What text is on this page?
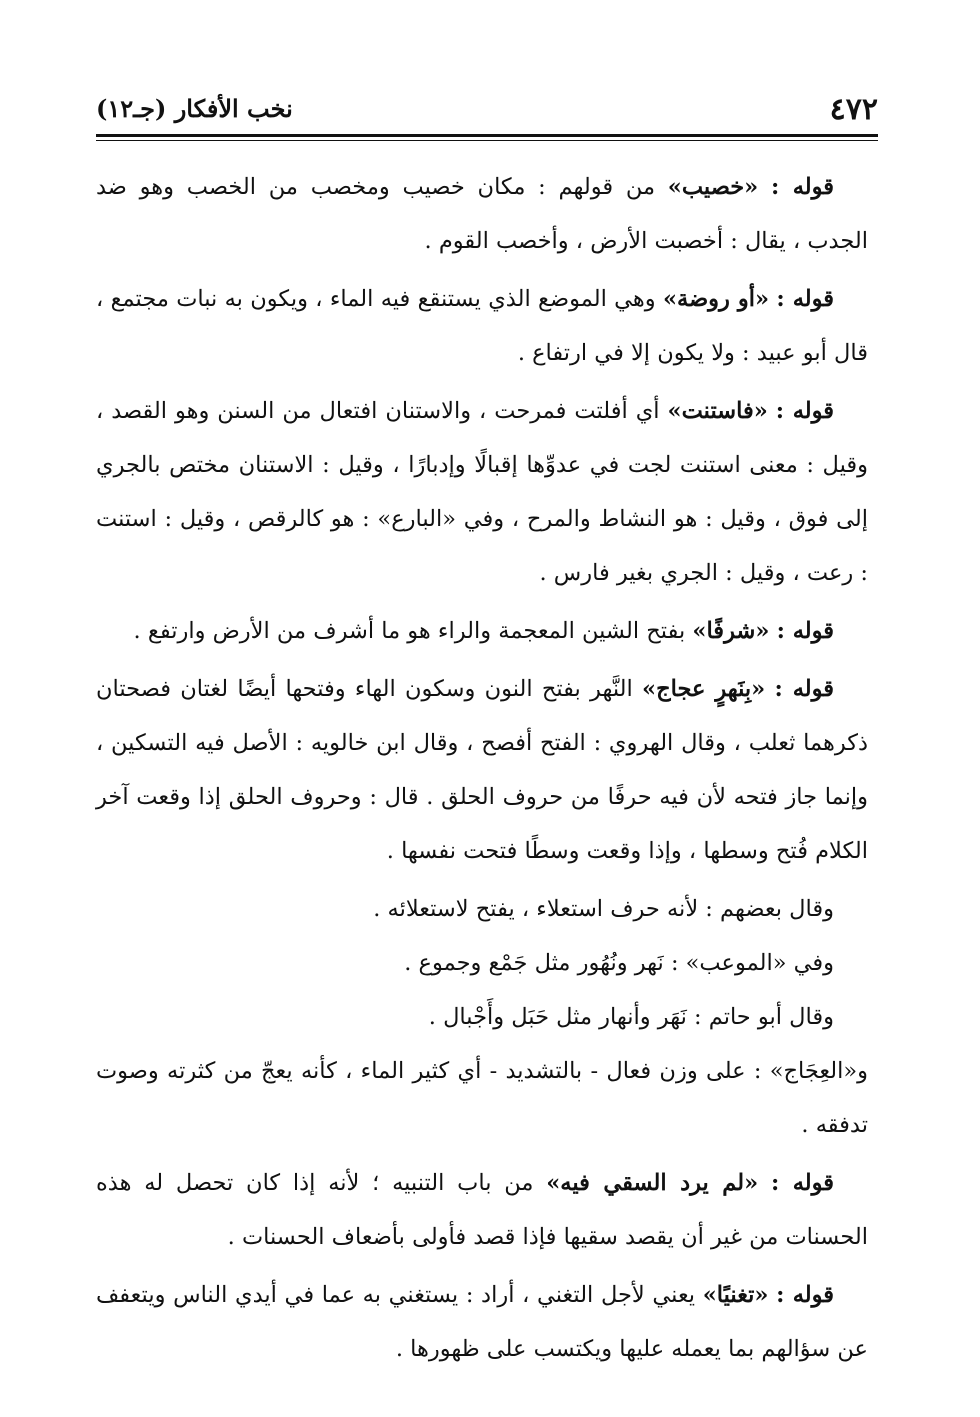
٤٧٢
نخب الأفكار (جـ١٢)

قوله : «خصيب» من قولهم : مكان خصيب ومخصب من الخصب وهو ضد الجدب ، يقال : أخصبت الأرض ، وأخصب القوم .

قوله : «أو روضة» وهي الموضع الذي يستنقع فيه الماء ، ويكون به نبات مجتمع ، قال أبو عبيد : ولا يكون إلا في ارتفاع .

قوله : «فاستنت» أي أفلتت فمرحت ، والاستنان افتعال من السنن وهو القصد ، وقيل : معنى استنت لجت في عدوِّها إقبالًا وإدبارًا ، وقيل : الاستنان مختص بالجري إلى فوق ، وقيل : هو النشاط والمرح ، وفي «البارع» : هو كالرقص ، وقيل : استنت : رعت ، وقيل : الجري بغير فارس .

قوله : «شرفًا» بفتح الشين المعجمة والراء هو ما أشرف من الأرض وارتفع .

قوله : «بِنَهرٍ عجاج» النَّهر بفتح النون وسكون الهاء وفتحها أيضًا لغتان فصحتان ذكرهما ثعلب ، وقال الهروي : الفتح أفصح ، وقال ابن خالويه : الأصل فيه التسكين ، وإنما جاز فتحه لأن فيه حرفًا من حروف الحلق . قال : وحروف الحلق إذا وقعت آخر الكلام فُتح وسطها ، وإذا وقعت وسطًا فتحت نفسها .

وقال بعضهم : لأنه حرف استعلاء ، يفتح لاستعلائه .

وفي «الموعب» : نَهر ونُهُور مثل جَمْع وجموع .

وقال أبو حاتم : نَهَر وأنهار مثل حَبَل وأَجْبال .

و«العِجَاج» : على وزن فعال - بالتشديد - أي كثير الماء ، كأنه يعجّ من كثرته وصوت تدفقه .

قوله : «لم يرد السقي فيه» من باب التنبيه ؛ لأنه إذا كان تحصل له هذه الحسنات من غير أن يقصد سقيها فإذا قصد فأولى بأضعاف الحسنات .

قوله : «تغنيًا» يعني لأجل التغني ، أراد : يستغني به عما في أيدي الناس ويتعفف عن سؤالهم بما يعمله عليها ويكتسب على ظهورها .
